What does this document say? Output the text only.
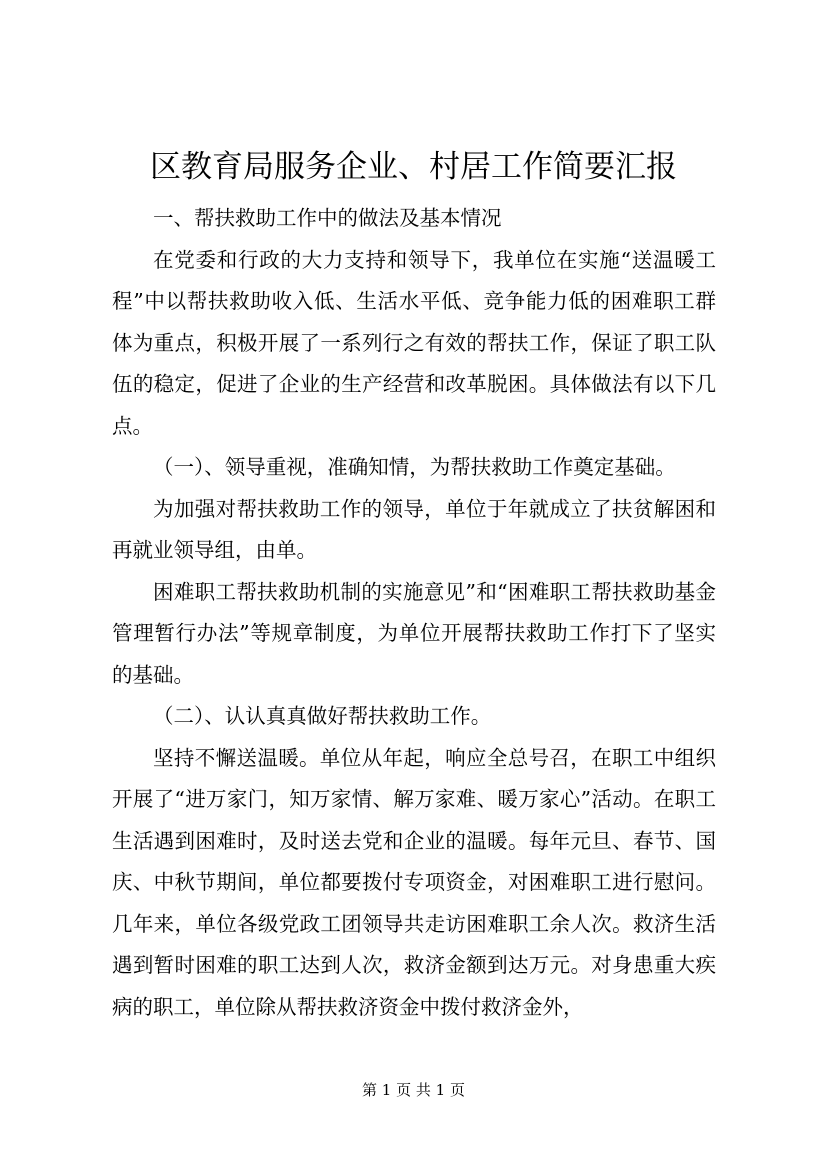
区教育局服务企业、村居工作简要汇报

一、帮扶救助工作中的做法及基本情况

在党委和行政的大力支持和领导下，我单位在实施“送温暖工程”中以帮扶救助收入低、生活水平低、竞争能力低的困难职工群体为重点，积极开展了一系列行之有效的帮扶工作，保证了职工队伍的稳定，促进了企业的生产经营和改革脱困。具体做法有以下几点。

（一）、领导重视，准确知情，为帮扶救助工作奠定基础。

为加强对帮扶救助工作的领导，单位于年就成立了扶贫解困和再就业领导组，由单。

困难职工帮扶救助机制的实施意见”和“困难职工帮扶救助基金管理暂行办法”等规章制度，为单位开展帮扶救助工作打下了坚实的基础。

（二）、认认真真做好帮扶救助工作。

坚持不懈送温暖。单位从年起，响应全总号召，在职工中组织开展了“进万家门，知万家情、解万家难、暖万家心”活动。在职工生活遇到困难时，及时送去党和企业的温暖。每年元旦、春节、国庆、中秋节期间，单位都要拨付专项资金，对困难职工进行慰问。几年来，单位各级党政工团领导共走访困难职工余人次。救济生活遇到暂时困难的职工达到人次，救济金额到达万元。对身患重大疾病的职工，单位除从帮扶救济资金中拨付救济金外，

第 1 页 共 1 页
